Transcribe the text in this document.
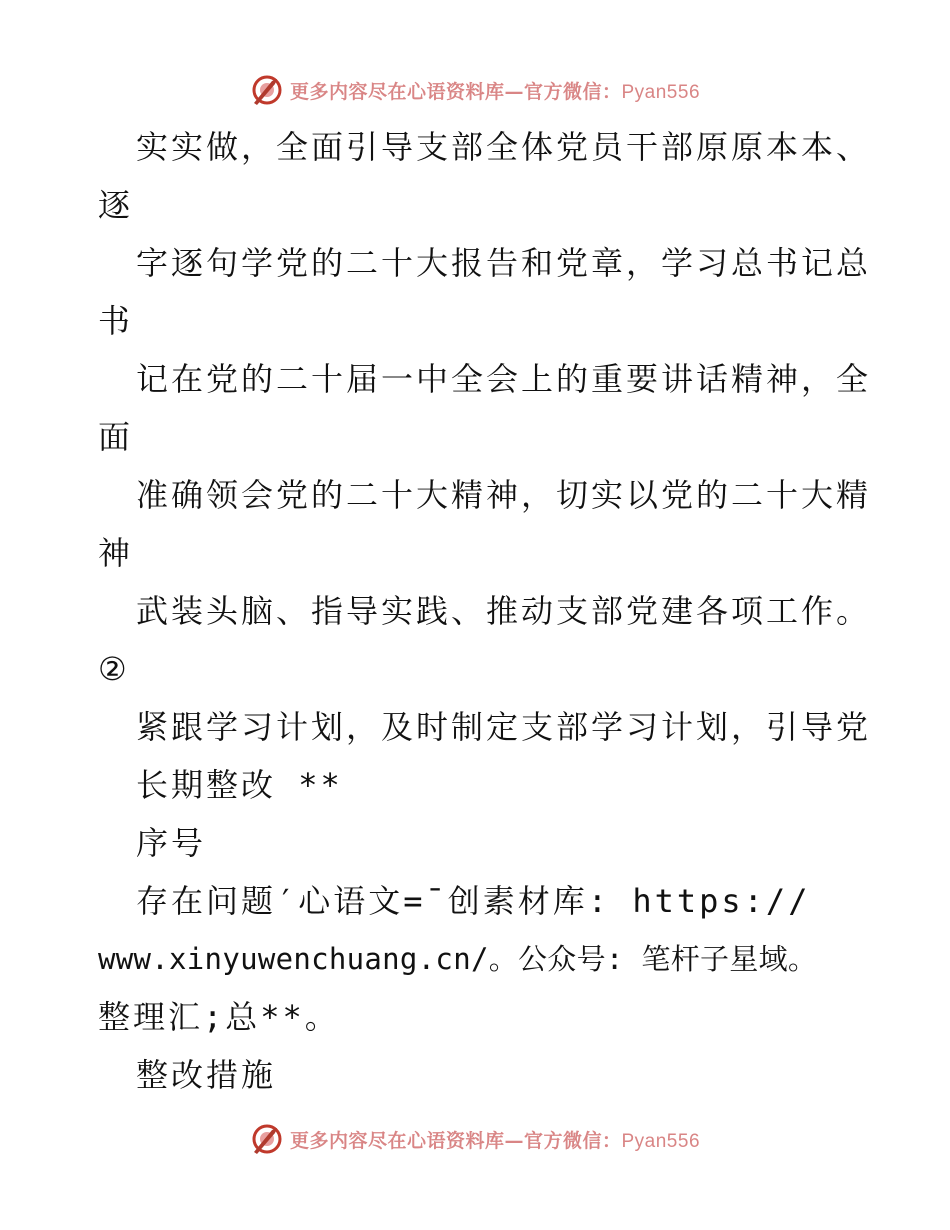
更多内容尽在心语资料库—官方微信：Pyan556
实实做，全面引导支部全体党员干部原原本本、
逐
字逐句学党的二十大报告和党章，学习总书记总
书
记在党的二十届一中全会上的重要讲话精神，全
面
准确领会党的二十大精神，切实以党的二十大精
神
武装头脑、指导实践、推动支部党建各项工作。
②
紧跟学习计划，及时制定支部学习计划，引导党
长期整改 **
序号
存在问题′心语文=¯创素材库: https://
www.xinyuwenchuang.cn/。公众号: 笔杆子星域。
整理汇;总**。
整改措施
更多内容尽在心语资料库—官方微信：Pyan556
